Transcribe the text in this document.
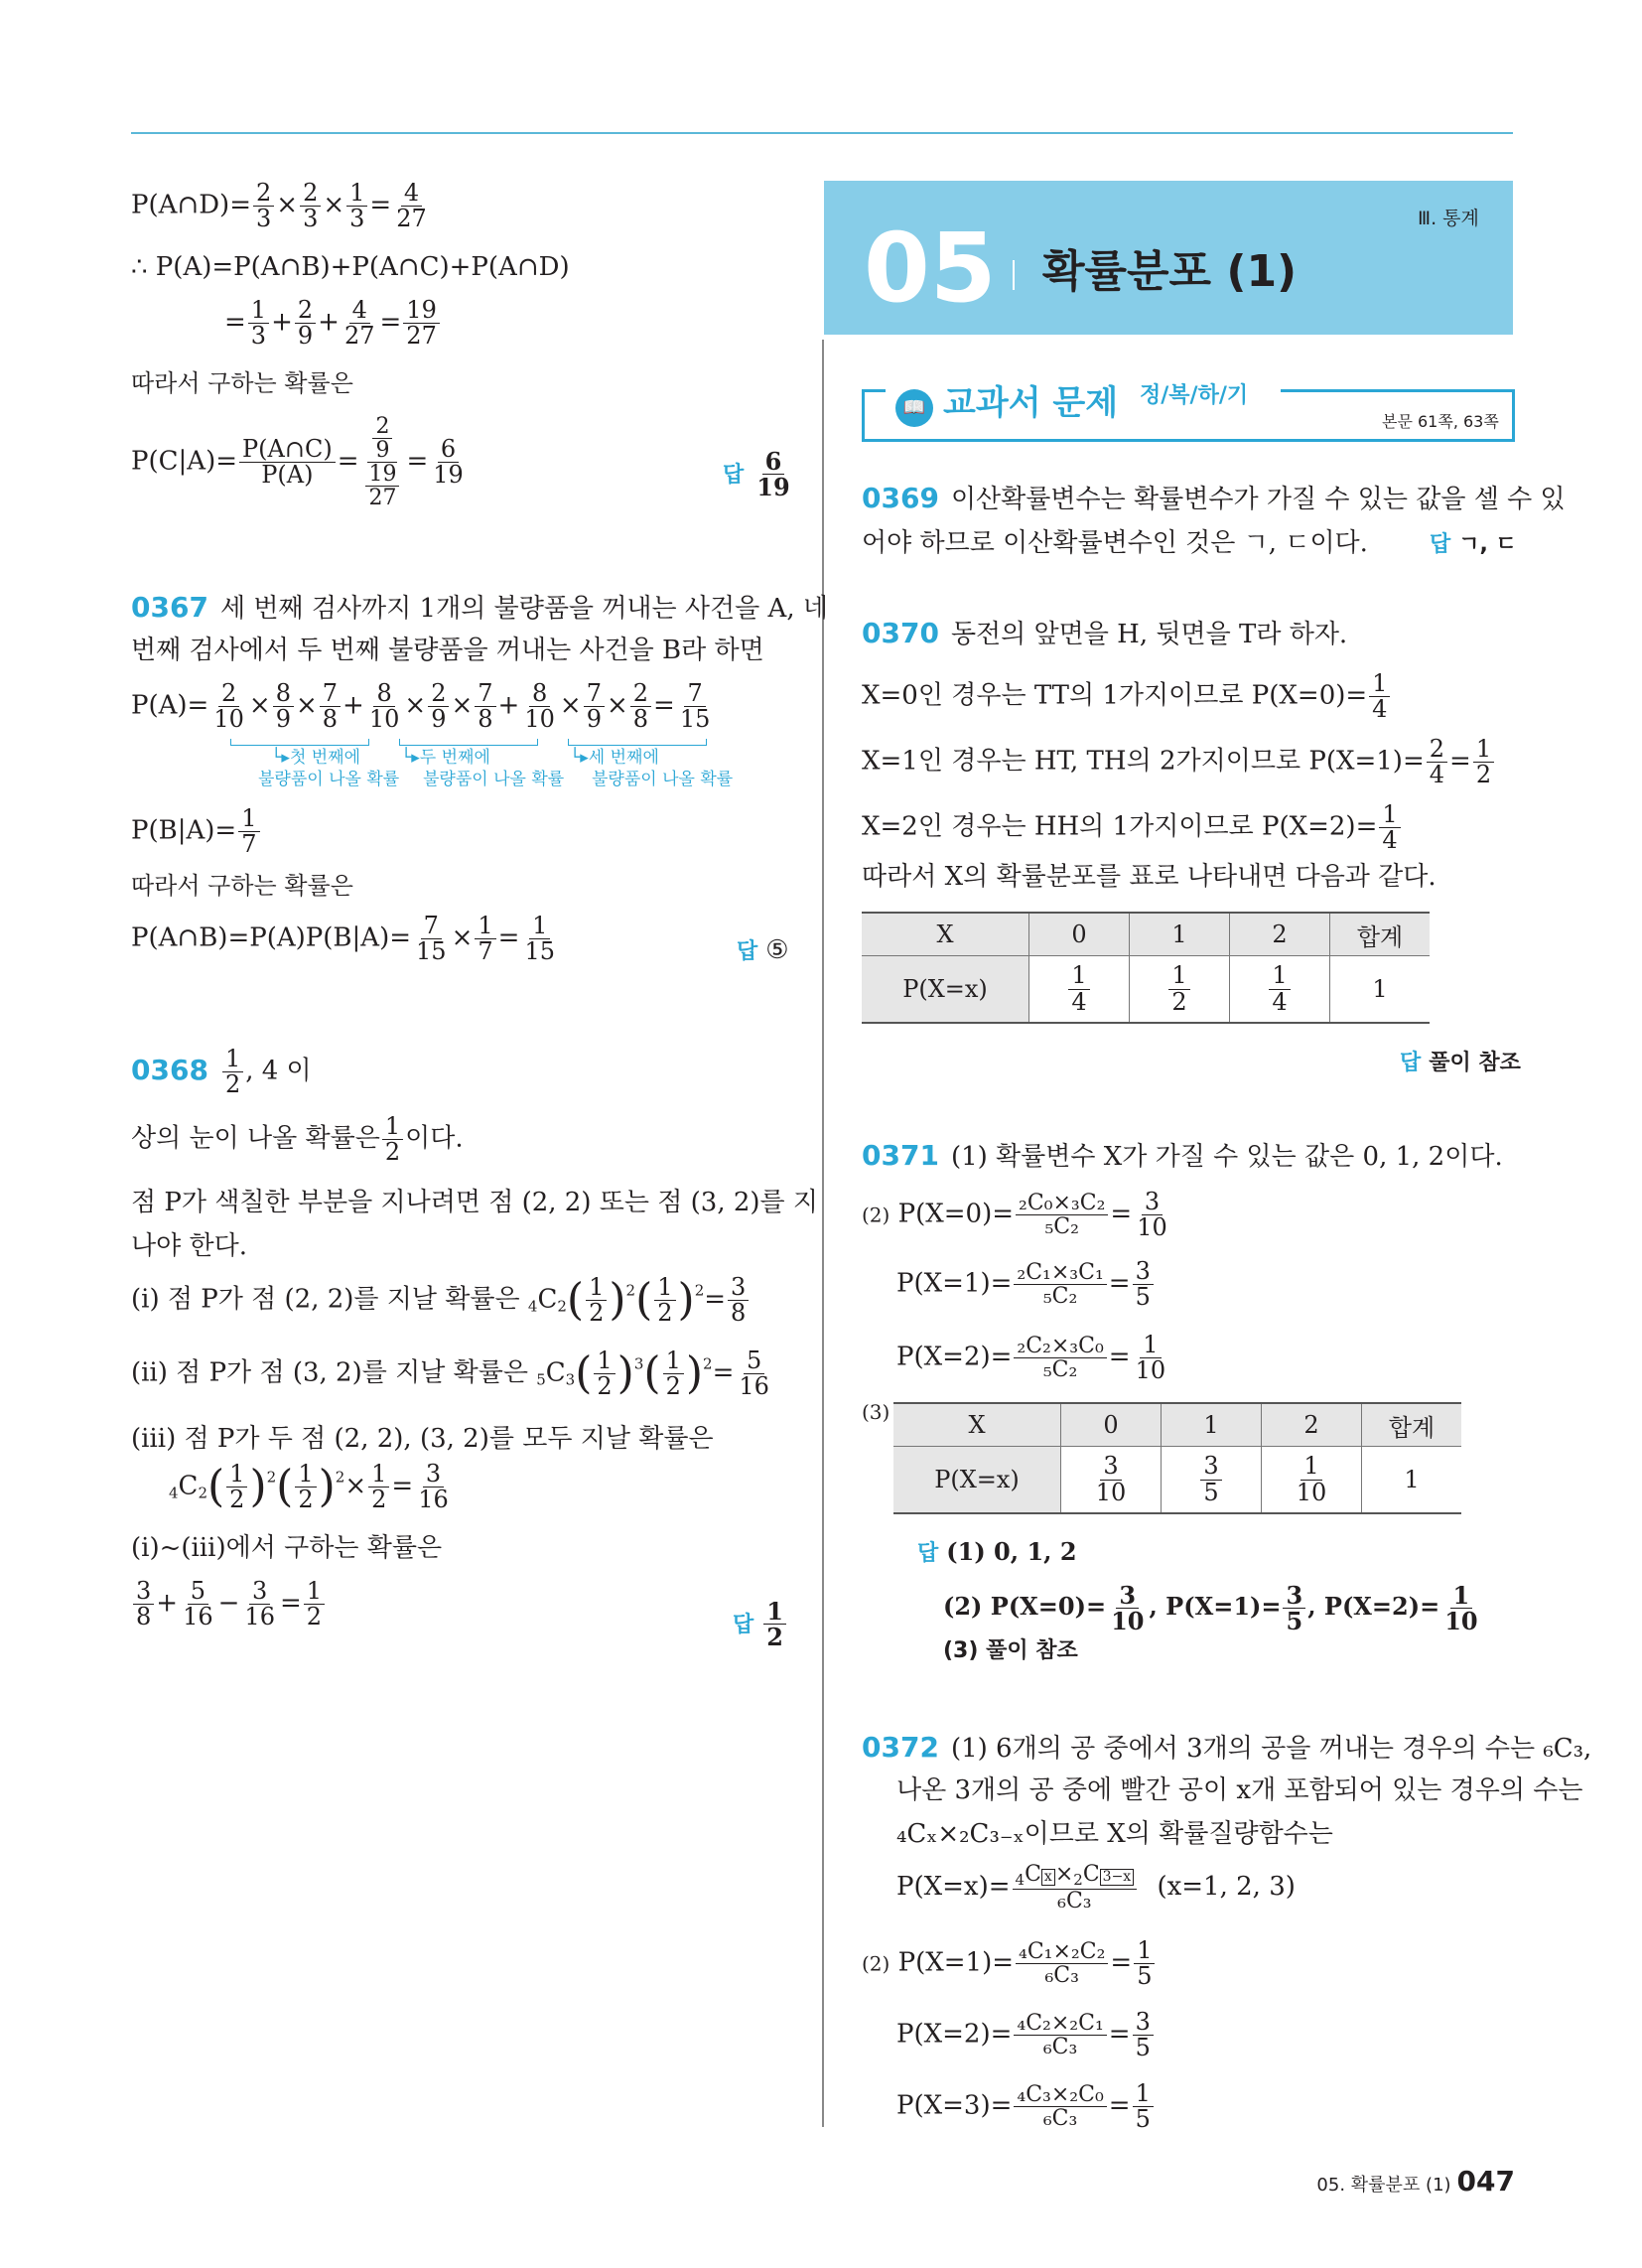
P(A∩D)= $\frac{2}{3} \times \frac{2}{3} \times \frac{1}{3} = \frac{4}{27}$
∴ P(A)=P(A∩B)+P(A∩C)+P(A∩D)
= $\frac{1}{3} + \frac{2}{9} + \frac{4}{27} = \frac{19}{27}$
따라서 구하는 확률은
$P(C|A)= \frac{P(A\cap C)}{P(A)} = \frac{\frac{2}{9}}{\frac{19}{27}} = \frac{6}{19}$	답 $\frac{6}{19}$
0367 세 번째 검사까지 1개의 불량품을 꺼내는 사건을 A, 네
번째 검사에서 두 번째 불량품을 꺼내는 사건을 B라 하면
$P(A)= \frac{2}{10} \times \frac{8}{9} \times \frac{7}{8} + \frac{8}{10} \times \frac{2}{9} \times \frac{7}{8} + \frac{8}{10} \times \frac{7}{9} \times \frac{2}{8} = \frac{7}{15}$
└▸첫 번째에
불량품이 나올 확률
└▸두 번째에
불량품이 나올 확률
└▸세 번째에
불량품이 나올 확률
$P(B|A)= \frac{1}{7}$
따라서 구하는 확률은
P(A∩B)=P(A)P(B|A)= $\frac{7}{15} \times \frac{1}{7} = \frac{1}{15}$	답 ⑤
$0368 \frac{1}{2}$ , 4 이
상의 눈이 나올 확률은 $\frac{1}{2}$ 이다.
점 P가 색칠한 부분을 지나려면 점 (2, 2) 또는 점 (3, 2)를 지
나야 한다.
(ⅰ) 점 P가 점 (2, 2)를 지날 확률은 $_4C_2( \frac{1}{2} )^2( \frac{1}{2} )^2= \frac{3}{8}$
(ⅱ) 점 P가 점 (3, 2)를 지날 확률은 $_5C_3( \frac{1}{2} )^3( \frac{1}{2} )^2= \frac{5}{16}$
(ⅲ) 점 P가 두 점 (2, 2), (3, 2)를 모두 지날 확률은
$_4C_2( \frac{1}{2} )^2( \frac{1}{2} )^2\times \frac{1}{2} = \frac{3}{16}$
(ⅰ)~(ⅲ)에서 구하는 확률은
$\frac{3}{8} + \frac{5}{16} - \frac{3}{16} = \frac{1}{2}$	답 $\frac{1}{2}$
05 확률분포 (1)
Ⅲ. 통계
📖 교과서 문제 정/복/하/기
본문 61쪽, 63쪽
0369 이산확률변수는 확률변수가 가질 수 있는 값을 셀 수 있
어야 하므로 이산확률변수인 것은 ㄱ, ㄷ이다.	답 ㄱ, ㄷ
0370 동전의 앞면을 H, 뒷면을 T라 하자.
X=0인 경우는 TT의 1가지이므로 $P(X=0)= \frac{1}{4}$
X=1인 경우는 HT, TH의 2가지이므로 $P(X=1)= \frac{2}{4} = \frac{1}{2}$
X=2인 경우는 HH의 1가지이므로 $P(X=2)= \frac{1}{4}$
따라서 X의 확률분포를 표로 나타내면 다음과 같다.
X	0	1	2	합계
P(X=x)	$\frac{1}{4}$	$\frac{1}{2}$	$\frac{1}{4}$	1
답 풀이 참조
0371 (1) 확률변수 X가 가질 수 있는 값은 0, 1, 2이다.
(2) $P(X=0)= \frac{\text{₂C₀×₃C₂}}{\text{₅C₂}} = \frac{3}{10}$
$P(X=1)= \frac{\text{₂C₁×₃C₁}}{\text{₅C₂}} = \frac{3}{5}$
$P(X=2)= \frac{\text{₂C₂×₃C₀}}{\text{₅C₂}} = \frac{1}{10}$
(3)	X	0	1	2	합계
P(X=x)	$\frac{3}{10}$	$\frac{3}{5}$	$\frac{1}{10}$	1
답 (1) 0, 1, 2
(2) $P(X=0)= \frac{3}{10}$ , $P(X=1)= \frac{3}{5}$ , $P(X=2)= \frac{1}{10}$
(3) 풀이 참조
0372 (1) 6개의 공 중에서 3개의 공을 꺼내는 경우의 수는 ₆C₃,
나온 3개의 공 중에 빨간 공이 x개 포함되어 있는 경우의 수는
₄Cₓ×₂C₃₋ₓ이므로 X의 확률질량함수는
$P(X=x)= \frac{_4C x \times_2C 3-x}{\text{₆C₃}} (x=1$, 2, 3)
(2) $P(X=1)= \frac{\text{₄C₁×₂C₂}}{\text{₆C₃}} = \frac{1}{5}$
$P(X=2)= \frac{\text{₄C₂×₂C₁}}{\text{₆C₃}} = \frac{3}{5}$
$P(X=3)= \frac{\text{₄C₃×₂C₀}}{\text{₆C₃}} = \frac{1}{5}$
05. 확률분포 (1) 047
